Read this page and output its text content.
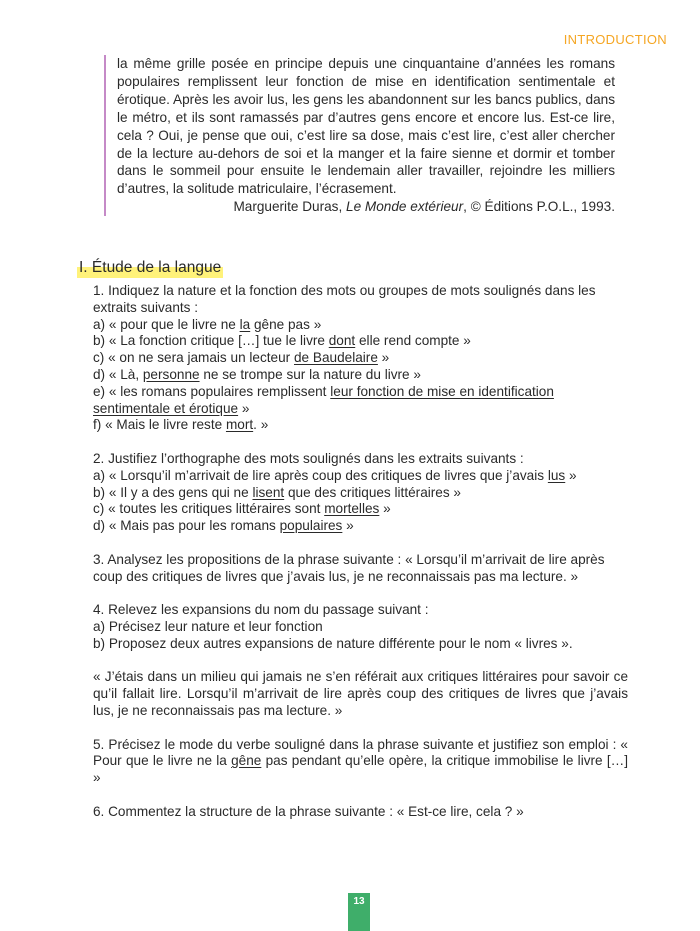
INTRODUCTION

la même grille posée en principe depuis une cinquantaine d’années les romans populaires remplissent leur fonction de mise en identification sentimentale et érotique. Après les avoir lus, les gens les abandonnent sur les bancs publics, dans le métro, et ils sont ramassés par d’autres gens encore et encore lus. Est-ce lire, cela ? Oui, je pense que oui, c’est lire sa dose, mais c’est lire, c’est aller chercher de la lecture au-dehors de soi et la manger et la faire sienne et dormir et tomber dans le sommeil pour ensuite le lendemain aller travailler, rejoindre les milliers d’autres, la solitude matriculaire, l’écrasement.

Marguerite Duras, Le Monde extérieur, © Éditions P.O.L., 1993.

I. Étude de la langue

1. Indiquez la nature et la fonction des mots ou groupes de mots soulignés dans les extraits suivants :

a) « pour que le livre ne la gêne pas »

b) « La fonction critique […] tue le livre dont elle rend compte »

c) « on ne sera jamais un lecteur de Baudelaire »

d) « Là, personne ne se trompe sur la nature du livre »

e) « les romans populaires remplissent leur fonction de mise en identification sentimentale et érotique »

f) « Mais le livre reste mort. »

2. Justifiez l’orthographe des mots soulignés dans les extraits suivants :

a) « Lorsqu’il m’arrivait de lire après coup des critiques de livres que j’avais lus »

b) « Il y a des gens qui ne lisent que des critiques littéraires »

c) « toutes les critiques littéraires sont mortelles »

d) « Mais pas pour les romans populaires »

3. Analysez les propositions de la phrase suivante : « Lorsqu’il m’arrivait de lire après coup des critiques de livres que j’avais lus, je ne reconnaissais pas ma lecture. »

4. Relevez les expansions du nom du passage suivant :

a) Précisez leur nature et leur fonction

b) Proposez deux autres expansions de nature différente pour le nom « livres ».

« J’étais dans un milieu qui jamais ne s’en référait aux critiques littéraires pour savoir ce qu’il fallait lire. Lorsqu’il m’arrivait de lire après coup des critiques de livres que j’avais lus, je ne reconnaissais pas ma lecture. »

5. Précisez le mode du verbe souligné dans la phrase suivante et justifiez son emploi : « Pour que le livre ne la gêne pas pendant qu’elle opère, la critique immobilise le livre […] »

6. Commentez la structure de la phrase suivante : « Est-ce lire, cela ? »

13
